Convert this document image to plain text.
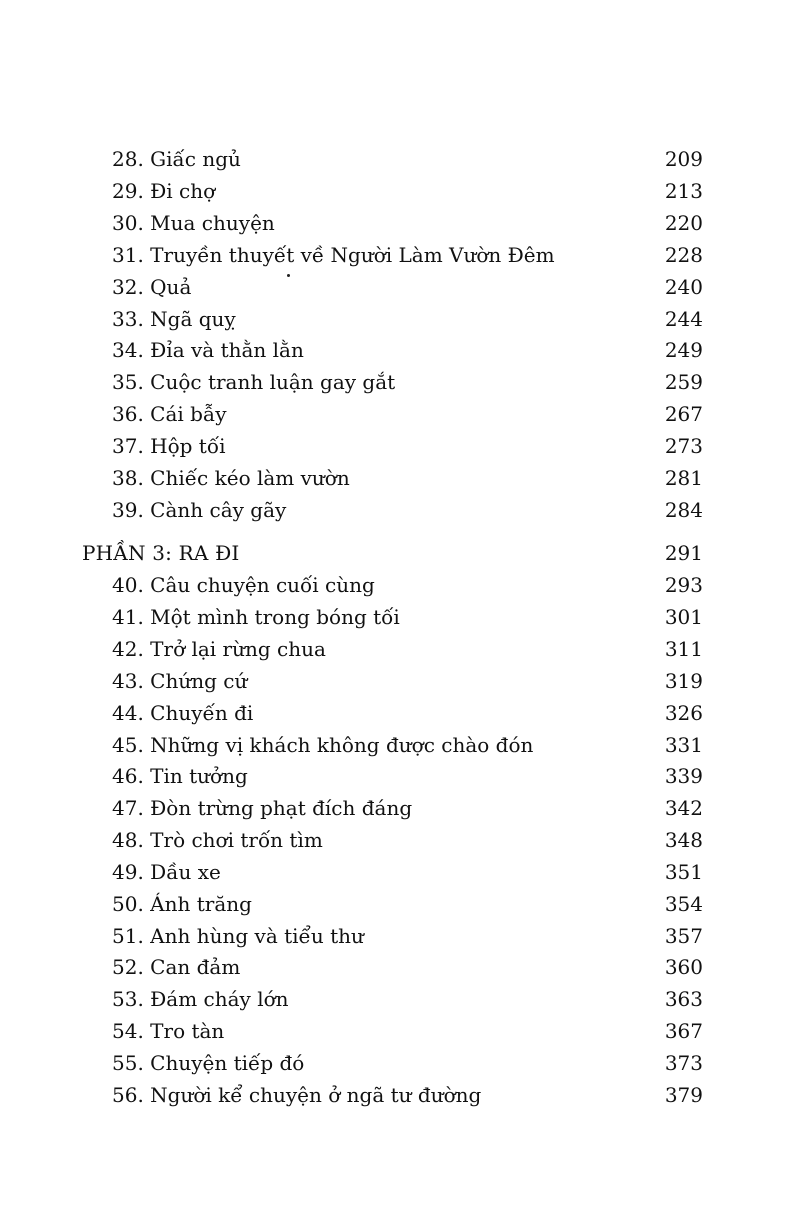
28. Giấc ngủ	209
29. Đi chợ	213
30. Mua chuyện	220
31. Truyền thuyết về Người Làm Vườn Đêm	228
32. Quả	240
33. Ngã quỵ	244
34. Đỉa và thằn lằn	249
35. Cuộc tranh luận gay gắt	259
36. Cái bẫy	267
37. Hộp tối	273
38. Chiếc kéo làm vườn	281
39. Cành cây gãy	284
PHẦN 3: RA ĐI	291
40. Câu chuyện cuối cùng	293
41. Một mình trong bóng tối	301
42. Trở lại rừng chua	311
43. Chứng cứ	319
44. Chuyến đi	326
45. Những vị khách không được chào đón	331
46. Tin tưởng	339
47. Đòn trừng phạt đích đáng	342
48. Trò chơi trốn tìm	348
49. Dầu xe	351
50. Ánh trăng	354
51. Anh hùng và tiểu thư	357
52. Can đảm	360
53. Đám cháy lớn	363
54. Tro tàn	367
55. Chuyện tiếp đó	373
56. Người kể chuyện ở ngã tư đường	379
